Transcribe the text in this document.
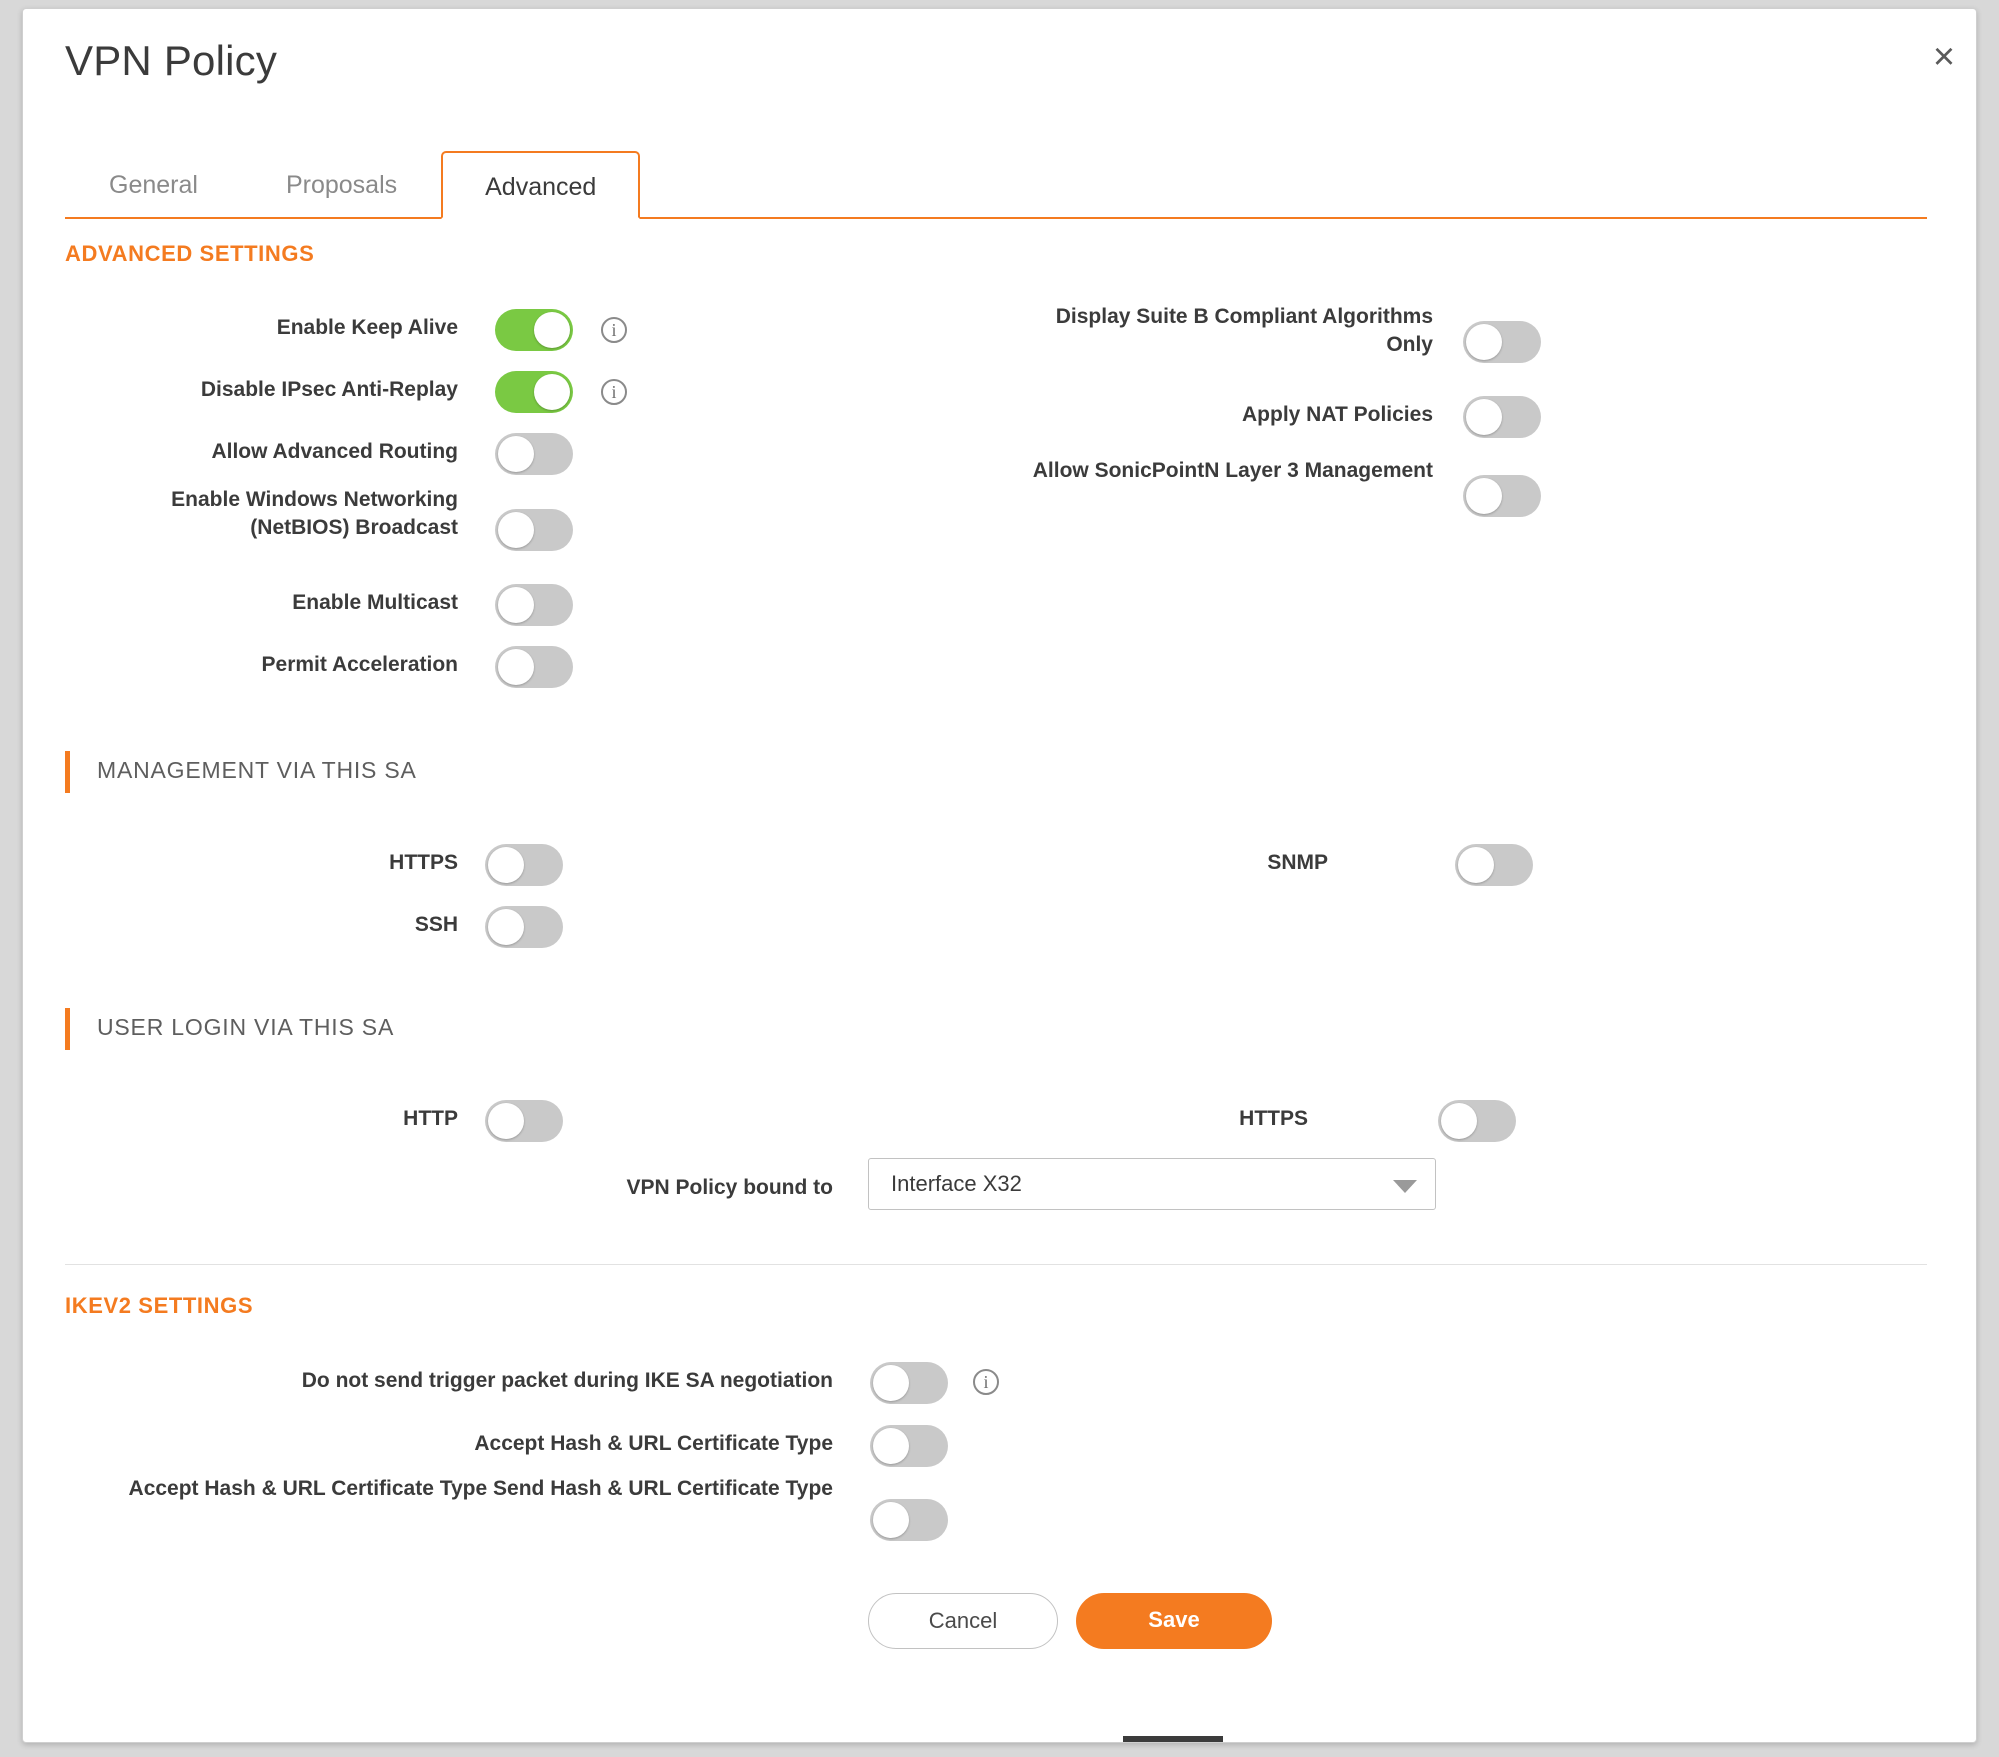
VPN Policy	×
General	Proposals	Advanced
ADVANCED SETTINGS
Enable Keep Alive	i
Disable IPsec Anti-Replay	i
Allow Advanced Routing
Enable Windows Networking (NetBIOS) Broadcast
Enable Multicast
Permit Acceleration
Display Suite B Compliant Algorithms Only
Apply NAT Policies
Allow SonicPointN Layer 3 Management
MANAGEMENT VIA THIS SA
HTTPS
SSH
SNMP
USER LOGIN VIA THIS SA
HTTP	HTTPS
VPN Policy bound to	Interface X32
IKEV2 SETTINGS
Do not send trigger packet during IKE SA negotiation	i
Accept Hash & URL Certificate Type
Accept Hash & URL Certificate Type Send Hash & URL Certificate Type
Cancel	Save
